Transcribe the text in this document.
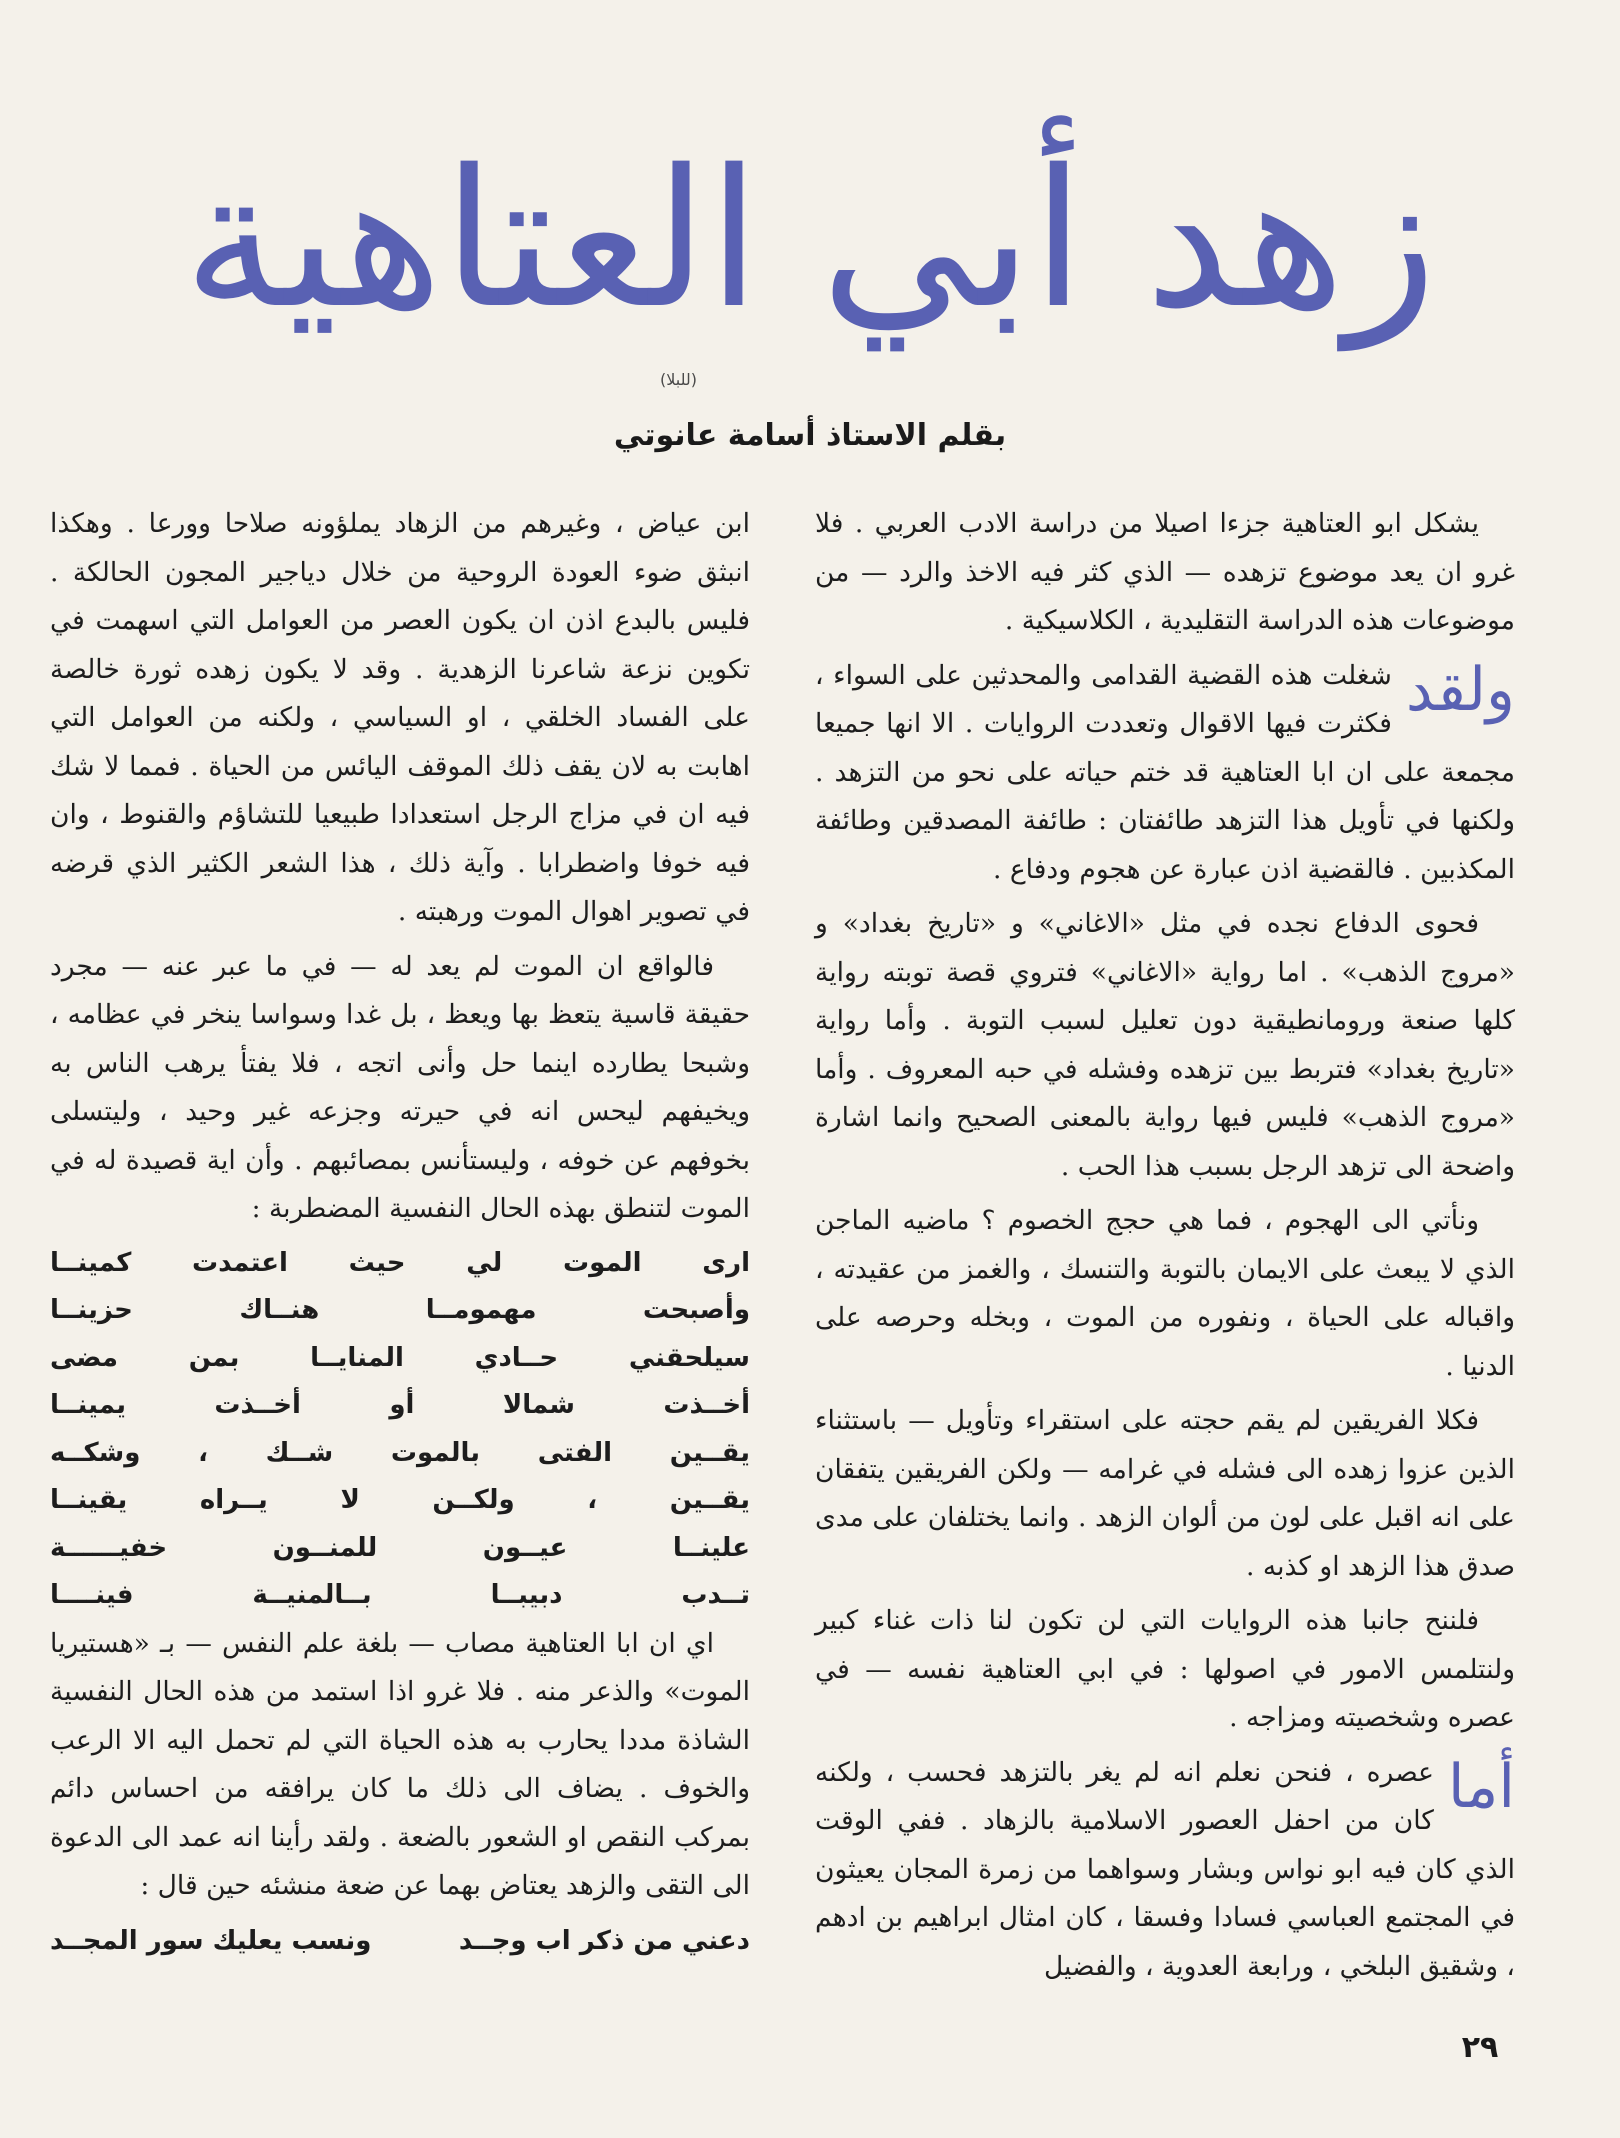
زهد أبي العتاهية
(للبلا)
بقلم الاستاذ أسامة عانوتي

يشكل ابو العتاهية جزءا اصيلا من دراسة الادب العربي . فلا غرو ان يعد موضوع تزهده — الذي كثر فيه الاخذ والرد — من موضوعات هذه الدراسة التقليدية ، الكلاسيكية .

ولقد
شغلت هذه القضية القدامى والمحدثين على السواء ، فكثرت فيها الاقوال وتعددت الروايات . الا انها جميعا مجمعة على ان ابا العتاهية قد ختم حياته على نحو من التزهد . ولكنها في تأويل هذا التزهد طائفتان : طائفة المصدقين وطائفة المكذبين . فالقضية اذن عبارة عن هجوم ودفاع .

فحوى الدفاع نجده في مثل «الاغاني» و «تاريخ بغداد» و «مروج الذهب» . اما رواية «الاغاني» فتروي قصة توبته رواية كلها صنعة ورومانطيقية دون تعليل لسبب التوبة . وأما رواية «تاريخ بغداد» فتربط بين تزهده وفشله في حبه المعروف . وأما «مروج الذهب» فليس فيها رواية بالمعنى الصحيح وانما اشارة واضحة الى تزهد الرجل بسبب هذا الحب .

ونأتي الى الهجوم ، فما هي حجج الخصوم ؟ ماضيه الماجن الذي لا يبعث على الايمان بالتوبة والتنسك ، والغمز من عقيدته ، واقباله على الحياة ، ونفوره من الموت ، وبخله وحرصه على الدنيا .

فكلا الفريقين لم يقم حجته على استقراء وتأويل — باستثناء الذين عزوا زهده الى فشله في غرامه — ولكن الفريقين يتفقان على انه اقبل على لون من ألوان الزهد . وانما يختلفان على مدى صدق هذا الزهد او كذبه .

فلننح جانبا هذه الروايات التي لن تكون لنا ذات غناء كبير ولنتلمس الامور في اصولها : في ابي العتاهية نفسه — في عصره وشخصيته ومزاجه .

أما
عصره ، فنحن نعلم انه لم يغر بالتزهد فحسب ، ولكنه كان من احفل العصور الاسلامية بالزهاد . ففي الوقت الذي كان فيه ابو نواس وبشار وسواهما من زمرة المجان يعيثون في المجتمع العباسي فسادا وفسقا ، كان امثال ابراهيم بن ادهم ، وشقيق البلخي ، ورابعة العدوية ، والفضيل

ابن عياض ، وغيرهم من الزهاد يملؤونه صلاحا وورعا . وهكذا انبثق ضوء العودة الروحية من خلال دياجير المجون الحالكة . فليس بالبدع اذن ان يكون العصر من العوامل التي اسهمت في تكوين نزعة شاعرنا الزهدية . وقد لا يكون زهده ثورة خالصة على الفساد الخلقي ، او السياسي ، ولكنه من العوامل التي اهابت به لان يقف ذلك الموقف اليائس من الحياة . فمما لا شك فيه ان في مزاج الرجل استعدادا طبيعيا للتشاؤم والقنوط ، وان فيه خوفا واضطرابا . وآية ذلك ، هذا الشعر الكثير الذي قرضه في تصوير اهوال الموت ورهبته .

فالواقع ان الموت لم يعد له — في ما عبر عنه — مجرد حقيقة قاسية يتعظ بها ويعظ ، بل غدا وسواسا ينخر في عظامه ، وشبحا يطارده اينما حل وأنى اتجه ، فلا يفتأ يرهب الناس به ويخيفهم ليحس انه في حيرته وجزعه غير وحيد ، وليتسلى بخوفهم عن خوفه ، وليستأنس بمصائبهم . وأن اية قصيدة له في الموت لتنطق بهذه الحال النفسية المضطربة :

ارى الموت لي حيث اعتمدت كمينــا
وأصبحت مهمومــا هنــاك حزينــا
سيلحقني حــادي المنايــا بمن مضى
أخــذت شمالا أو أخــذت يمينــا
يقــين الفتى بالموت شــك ، وشكــه
يقــين ، ولكــن لا يــراه يقينــا
علينــا عيــون للمنــون خفيــــــة
تــدب دبيبــا بــالمنيــة فينــــا

اي ان ابا العتاهية مصاب — بلغة علم النفس — بـ «هستيريا الموت» والذعر منه . فلا غرو اذا استمد من هذه الحال النفسية الشاذة مددا يحارب به هذه الحياة التي لم تحمل اليه الا الرعب والخوف . يضاف الى ذلك ما كان يرافقه من احساس دائم بمركب النقص او الشعور بالضعة . ولقد رأينا انه عمد الى الدعوة الى التقى والزهد يعتاض بهما عن ضعة منشئه حين قال :

دعني من ذكر اب وجــد
ونسب يعليك سور المجــد
٢٩
